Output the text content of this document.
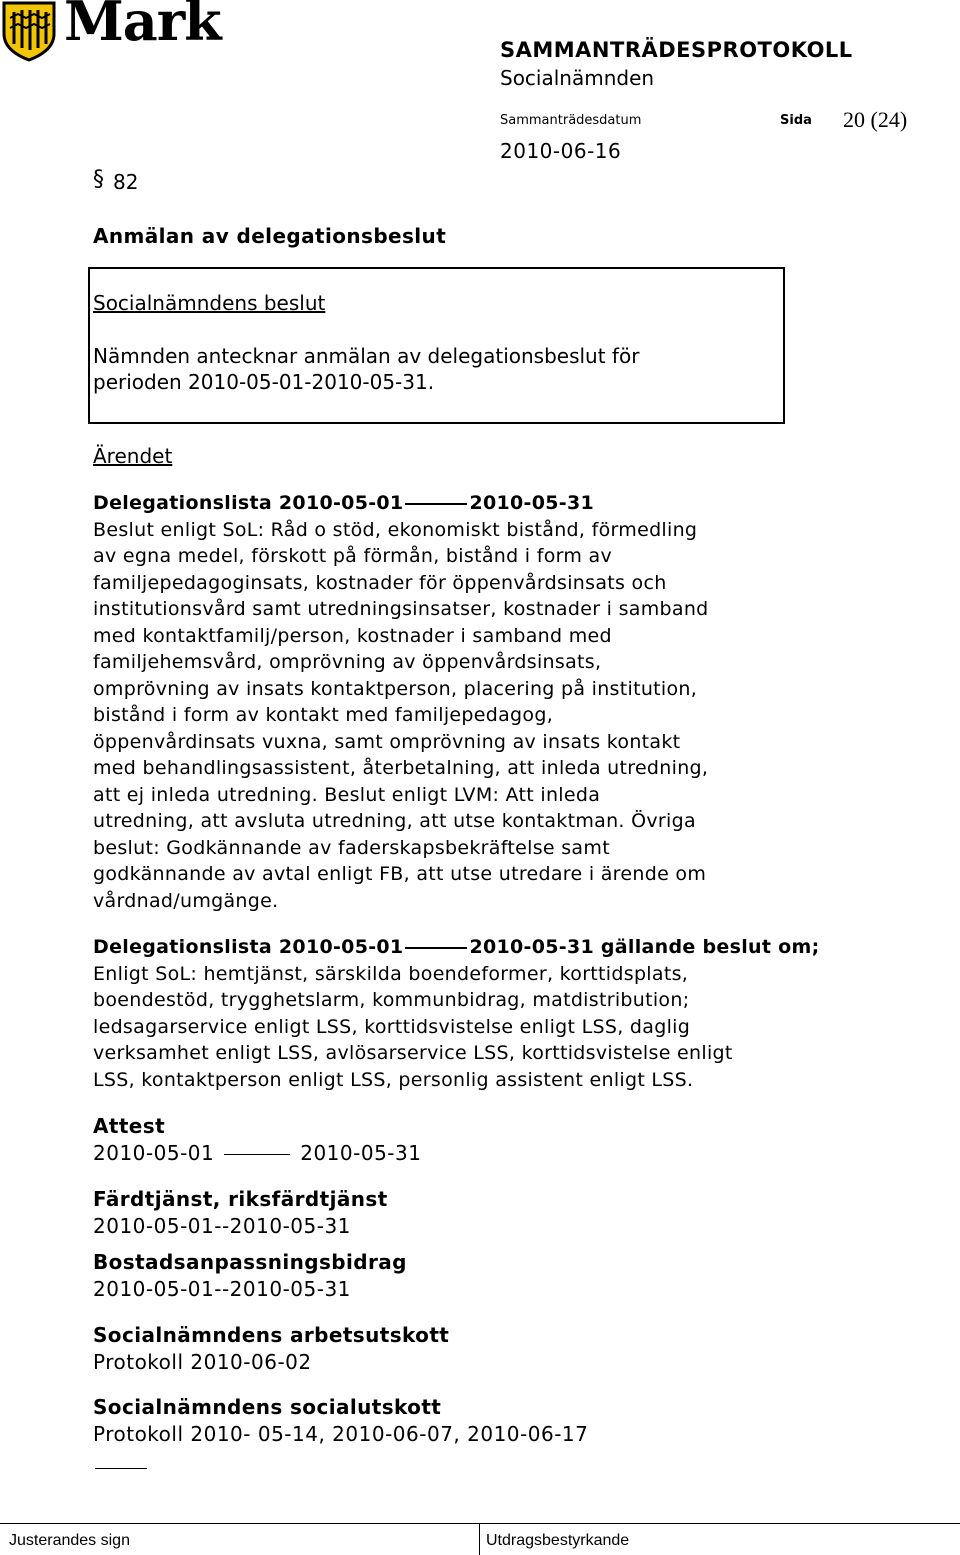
Mark	SAMMANTRÄDESPROTOKOLL
Socialnämnden
Sammanträdesdatum	Sida 20 (24)
2010-06-16
§ 82
Anmälan av delegationsbeslut
Socialnämndens beslut
Nämnden antecknar anmälan av delegationsbeslut för
perioden 2010-05-01-2010-05-31.
Ärendet
Delegationslista 2010-05-01	2010-05-31
Beslut enligt SoL: Råd o stöd, ekonomiskt bistånd, förmedling
av egna medel, förskott på förmån, bistånd i form av
familjepedagoginsats, kostnader för öppenvårdsinsats och
institutionsvård samt utredningsinsatser, kostnader i samband
med kontaktfamilj/person, kostnader i samband med
familjehemsvård, omprövning av öppenvårdsinsats,
omprövning av insats kontaktperson, placering på institution,
bistånd i form av kontakt med familjepedagog,
öppenvårdinsats vuxna, samt omprövning av insats kontakt
med behandlingsassistent, återbetalning, att inleda utredning,
att ej inleda utredning. Beslut enligt LVM: Att inleda
utredning, att avsluta utredning, att utse kontaktman. Övriga
beslut: Godkännande av faderskapsbekräftelse samt
godkännande av avtal enligt FB, att utse utredare i ärende om
vårdnad/umgänge.
Delegationslista 2010-05-01	2010-05-31 gällande beslut om;
Enligt SoL: hemtjänst, särskilda boendeformer, korttidsplats,
boendestöd, trygghetslarm, kommunbidrag, matdistribution;
ledsagarservice enligt LSS, korttidsvistelse enligt LSS, daglig
verksamhet enligt LSS, avlösarservice LSS, korttidsvistelse enligt
LSS, kontaktperson enligt LSS, personlig assistent enligt LSS.
Attest
2010-05-01	2010-05-31
Färdtjänst, riksfärdtjänst
2010-05-01--2010-05-31
Bostadsanpassningsbidrag
2010-05-01--2010-05-31
Socialnämndens arbetsutskott
Protokoll 2010-06-02
Socialnämndens socialutskott
Protokoll 2010- 05-14, 2010-06-07, 2010-06-17
Justerandes sign	Utdragsbestyrkande
